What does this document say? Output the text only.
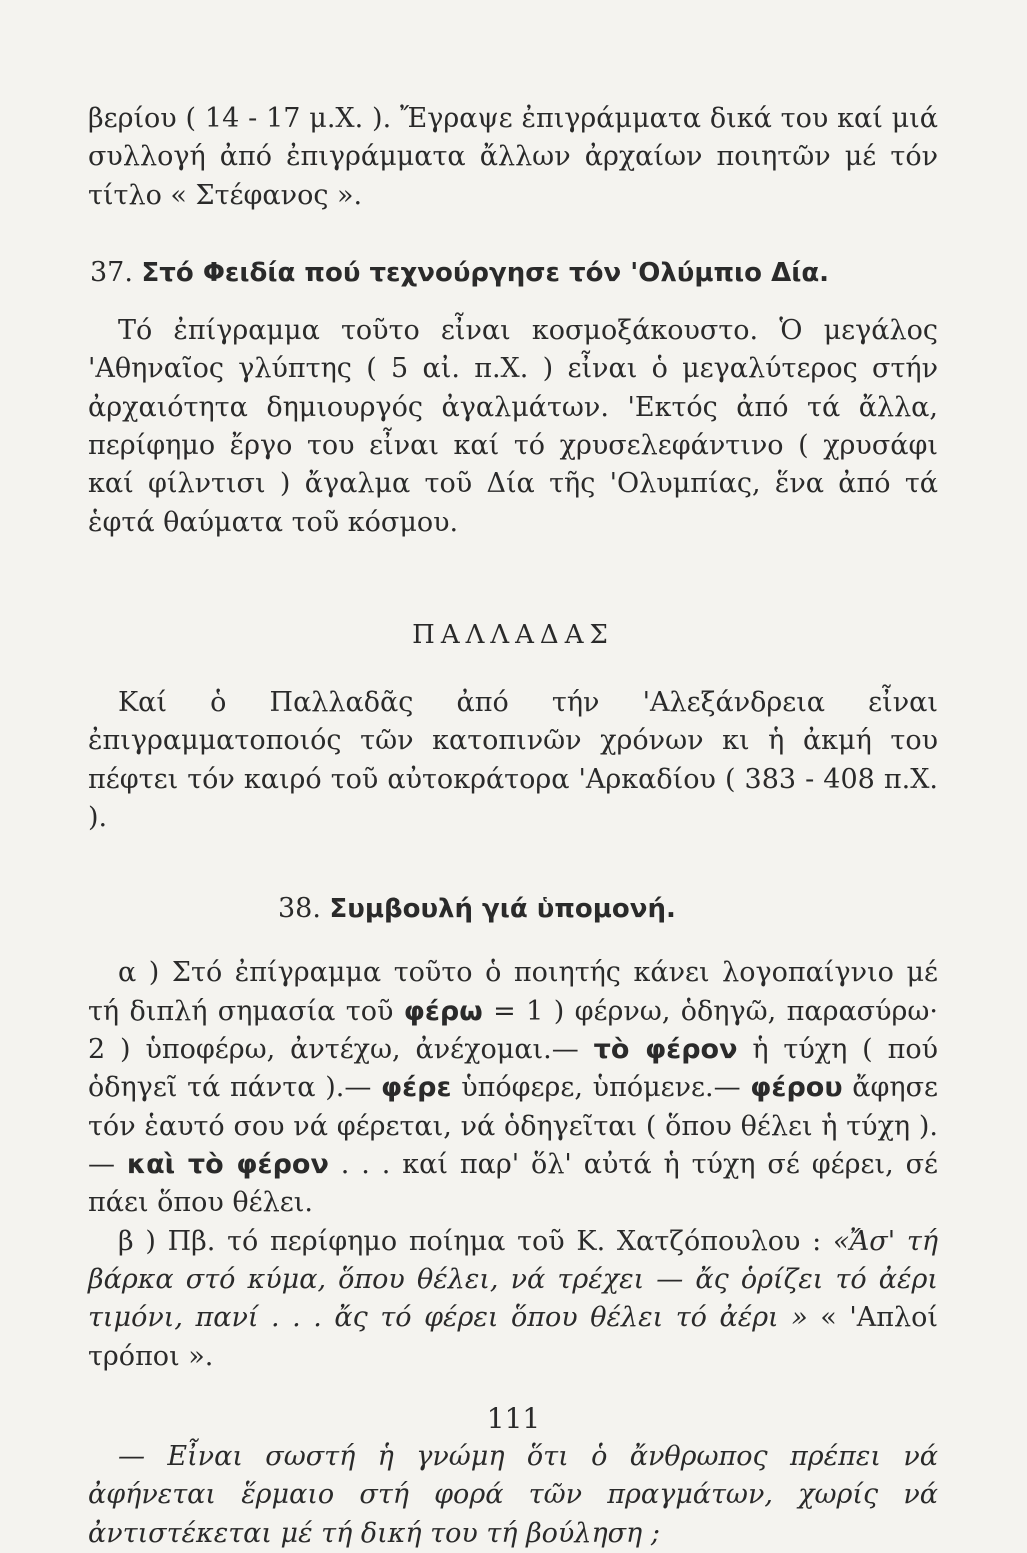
βερίου ( 14 - 17 μ.Χ. ). Ἔγραψε ἐπιγράμματα δικά του καί μιά συλλογή ἀπό ἐπιγράμματα ἄλλων ἀρχαίων ποιητῶν μέ τόν τίτλο « Στέφανος ».

37. Στό Φειδία πού τεχνούργησε τόν 'Ολύμπιο Δία.

Τό ἐπίγραμμα τοῦτο εἶναι κοσμοξάκουστο. Ὁ μεγάλος 'Αθηναῖος γλύπτης ( 5 αἰ. π.Χ. ) εἶναι ὁ μεγαλύτερος στήν ἀρχαιότητα δημιουργός ἀγαλμάτων. 'Εκτός ἀπό τά ἄλλα, περίφημο ἔργο του εἶναι καί τό χρυσελεφάντινο ( χρυσάφι καί φίλντισι ) ἄγαλμα τοῦ Δία τῆς 'Ολυμπίας, ἕνα ἀπό τά ἑφτά θαύματα τοῦ κόσμου.

ΠΑΛΛΑΔΑΣ

Καί ὁ Παλλαδᾶς ἀπό τήν 'Αλεξάνδρεια εἶναι ἐπιγραμματοποιός τῶν κατοπινῶν χρόνων κι ἡ ἀκμή του πέφτει τόν καιρό τοῦ αὐτοκράτορα 'Αρκαδίου ( 383 - 408 π.Χ. ).

38. Συμβουλή γιά ὑπομονή.

α ) Στό ἐπίγραμμα τοῦτο ὁ ποιητής κάνει λογοπαίγνιο μέ τή διπλή σημασία τοῦ φέρω = 1 ) φέρνω, ὁδηγῶ, παρασύρω· 2 ) ὑποφέρω, ἀντέχω, ἀνέχομαι.— τὸ φέρον ἡ τύχη ( πού ὁδηγεῖ τά πάντα ).— φέρε ὑπόφερε, ὑπόμενε.— φέρου ἄφησε τόν ἑαυτό σου νά φέρεται, νά ὁδηγεῖται ( ὅπου θέλει ἡ τύχη ).— καὶ τὸ φέρον . . . καί παρ' ὅλ' αὐτά ἡ τύχη σέ φέρει, σέ πάει ὅπου θέλει.

β ) Πβ. τό περίφημο ποίημα τοῦ Κ. Χατζόπουλου : «Ἄσ' τή βάρκα στό κύμα, ὅπου θέλει, νά τρέχει — ἄς ὁρίζει τό ἀέρι τιμόνι, πανί . . . ἄς τό φέρει ὅπου θέλει τό ἀέρι » « 'Απλοί τρόποι ».

— Εἶναι σωστή ἡ γνώμη ὅτι ὁ ἄνθρωπος πρέπει νά ἀφήνεται ἕρμαιο στή φορά τῶν πραγμάτων, χωρίς νά ἀντιστέκεται μέ τή δική του τή βούληση ;

111
